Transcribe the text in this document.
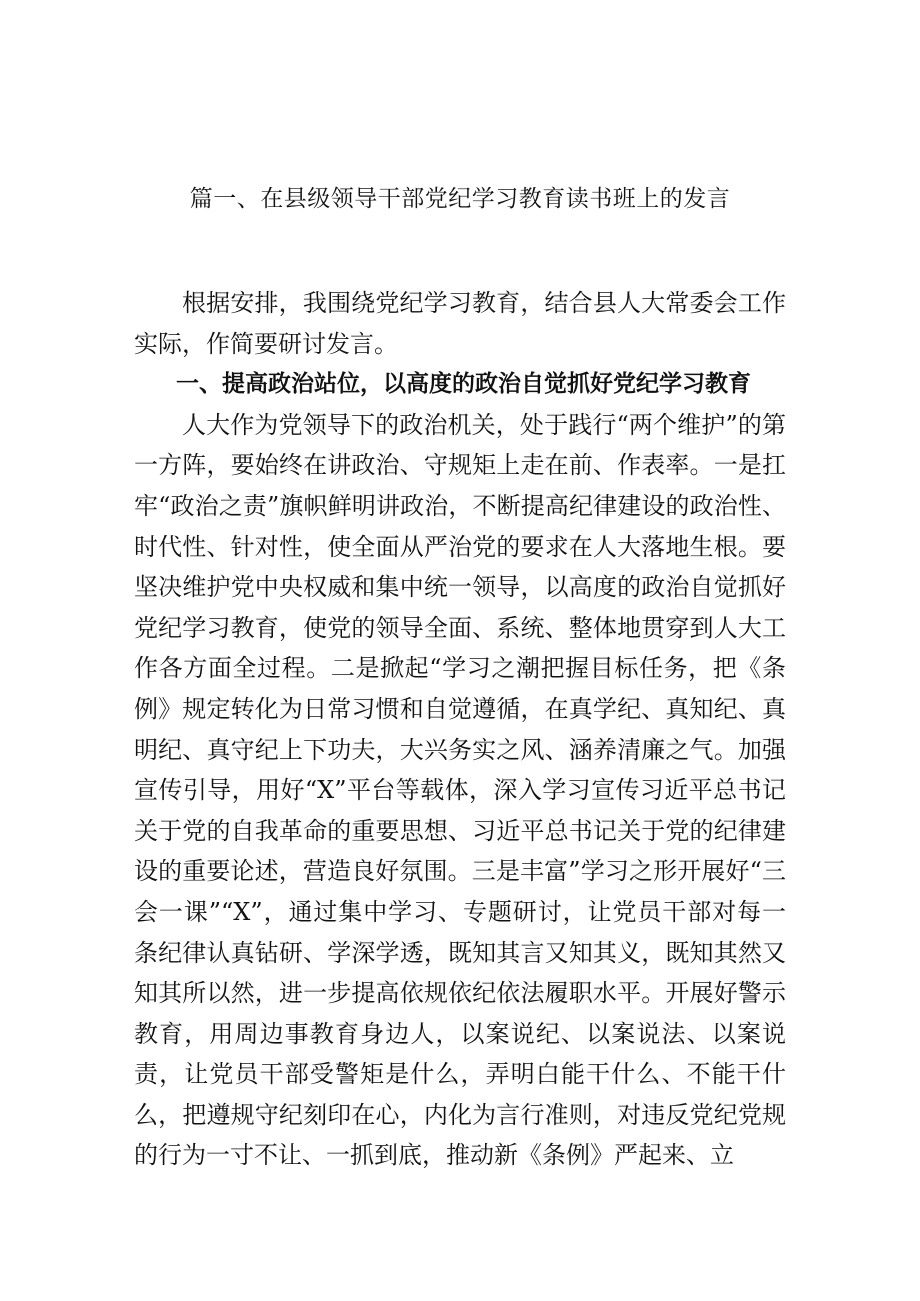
篇一、在县级领导干部党纪学习教育读书班上的发言

根据安排，我围绕党纪学习教育，结合县人大常委会工作实际，作简要研讨发言。

一、提高政治站位，以高度的政治自觉抓好党纪学习教育

人大作为党领导下的政治机关，处于践行“两个维护”的第一方阵，要始终在讲政治、守规矩上走在前、作表率。一是扛牢“政治之责”旗帜鲜明讲政治，不断提高纪律建设的政治性、时代性、针对性，使全面从严治党的要求在人大落地生根。要坚决维护党中央权威和集中统一领导，以高度的政治自觉抓好党纪学习教育，使党的领导全面、系统、整体地贯穿到人大工作各方面全过程。二是掀起“学习之潮把握目标任务，把《条例》规定转化为日常习惯和自觉遵循，在真学纪、真知纪、真明纪、真守纪上下功夫，大兴务实之风、涵养清廉之气。加强宣传引导，用好“X”平台等载体，深入学习宣传习近平总书记关于党的自我革命的重要思想、习近平总书记关于党的纪律建设的重要论述，营造良好氛围。三是丰富”学习之形开展好“三会一课”“X”，通过集中学习、专题研讨，让党员干部对每一条纪律认真钻研、学深学透，既知其言又知其义，既知其然又知其所以然，进一步提高依规依纪依法履职水平。开展好警示教育，用周边事教育身边人，以案说纪、以案说法、以案说责，让党员干部受警矩是什么，弄明白能干什么、不能干什么，把遵规守纪刻印在心，内化为言行准则，对违反党纪党规的行为一寸不让、一抓到底，推动新《条例》严起来、立
